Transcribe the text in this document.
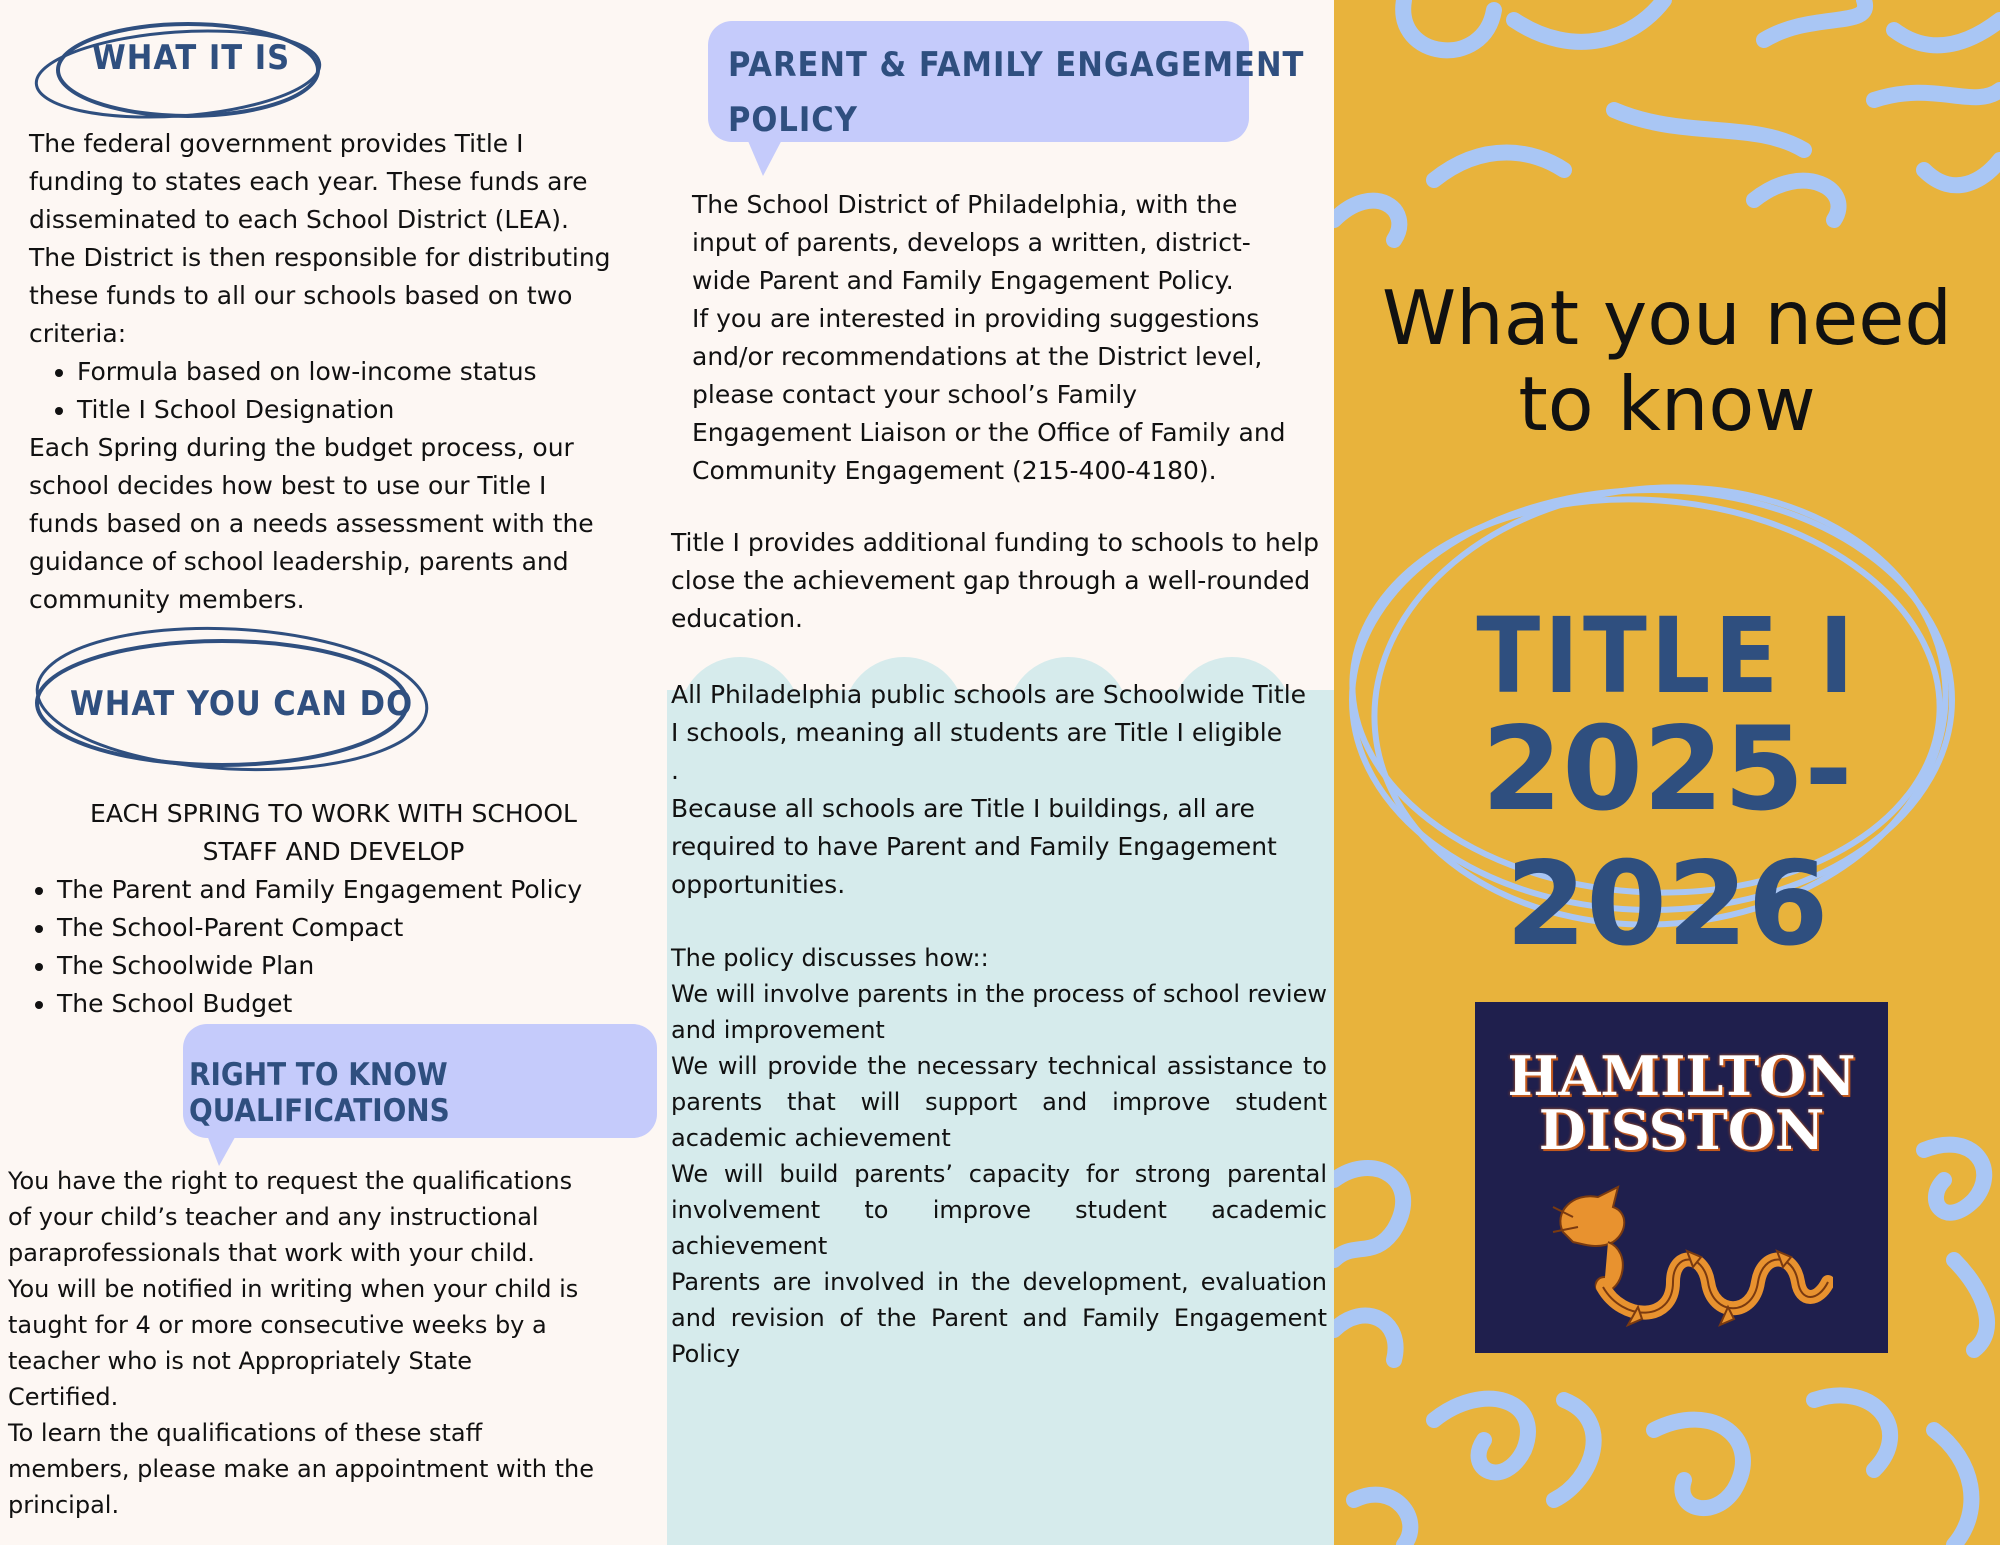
WHAT IT IS

The federal government provides Title I funding to states each year. These funds are disseminated to each School District (LEA). The District is then responsible for distributing these funds to all our schools based on two criteria:

• Formula based on low-income status
• Title I School Designation

Each Spring during the budget process, our school decides how best to use our Title I funds based on a needs assessment with the guidance of school leadership, parents and community members.

WHAT YOU CAN DO

EACH SPRING TO WORK WITH SCHOOL

STAFF AND DEVELOP

• The Parent and Family Engagement Policy
• The School-Parent Compact
• The Schoolwide Plan
• The School Budget
RIGHT TO KNOW QUALIFICATIONS

You have the right to request the qualifications

of your child’s teacher and any instructional

paraprofessionals that work with your child.

You will be notified in writing when your child is

taught for 4 or more consecutive weeks by a

teacher who is not Appropriately State

Certified.

To learn the qualifications of these staff

members, please make an appointment with the

principal.

PARENT & FAMILY ENGAGEMENT
POLICY

The School District of Philadelphia, with the

input of parents, develops a written, district-

wide Parent and Family Engagement Policy.

If you are interested in providing suggestions

and/or recommendations at the District level,

please contact your school’s Family

Engagement Liaison or the Office of Family and

Community Engagement (215-400-4180).

Title I provides additional funding to schools to help close the achievement gap through a well-rounded education.

All Philadelphia public schools are Schoolwide Title I schools, meaning all students are Title I eligible

.

Because all schools are Title I buildings, all are required to have Parent and Family Engagement opportunities.

The policy discusses how::

We will involve parents in the process of school review and improvement

We will provide the necessary technical assistance to parents that will support and improve student academic achievement

We will build parents’ capacity for strong parental involvement to improve student academic achievement

Parents are involved in the development, evaluation and revision of the Parent and Family Engagement Policy

What you need
to know
TITLE I
2025-2026
HAMILTON
DISSTON
